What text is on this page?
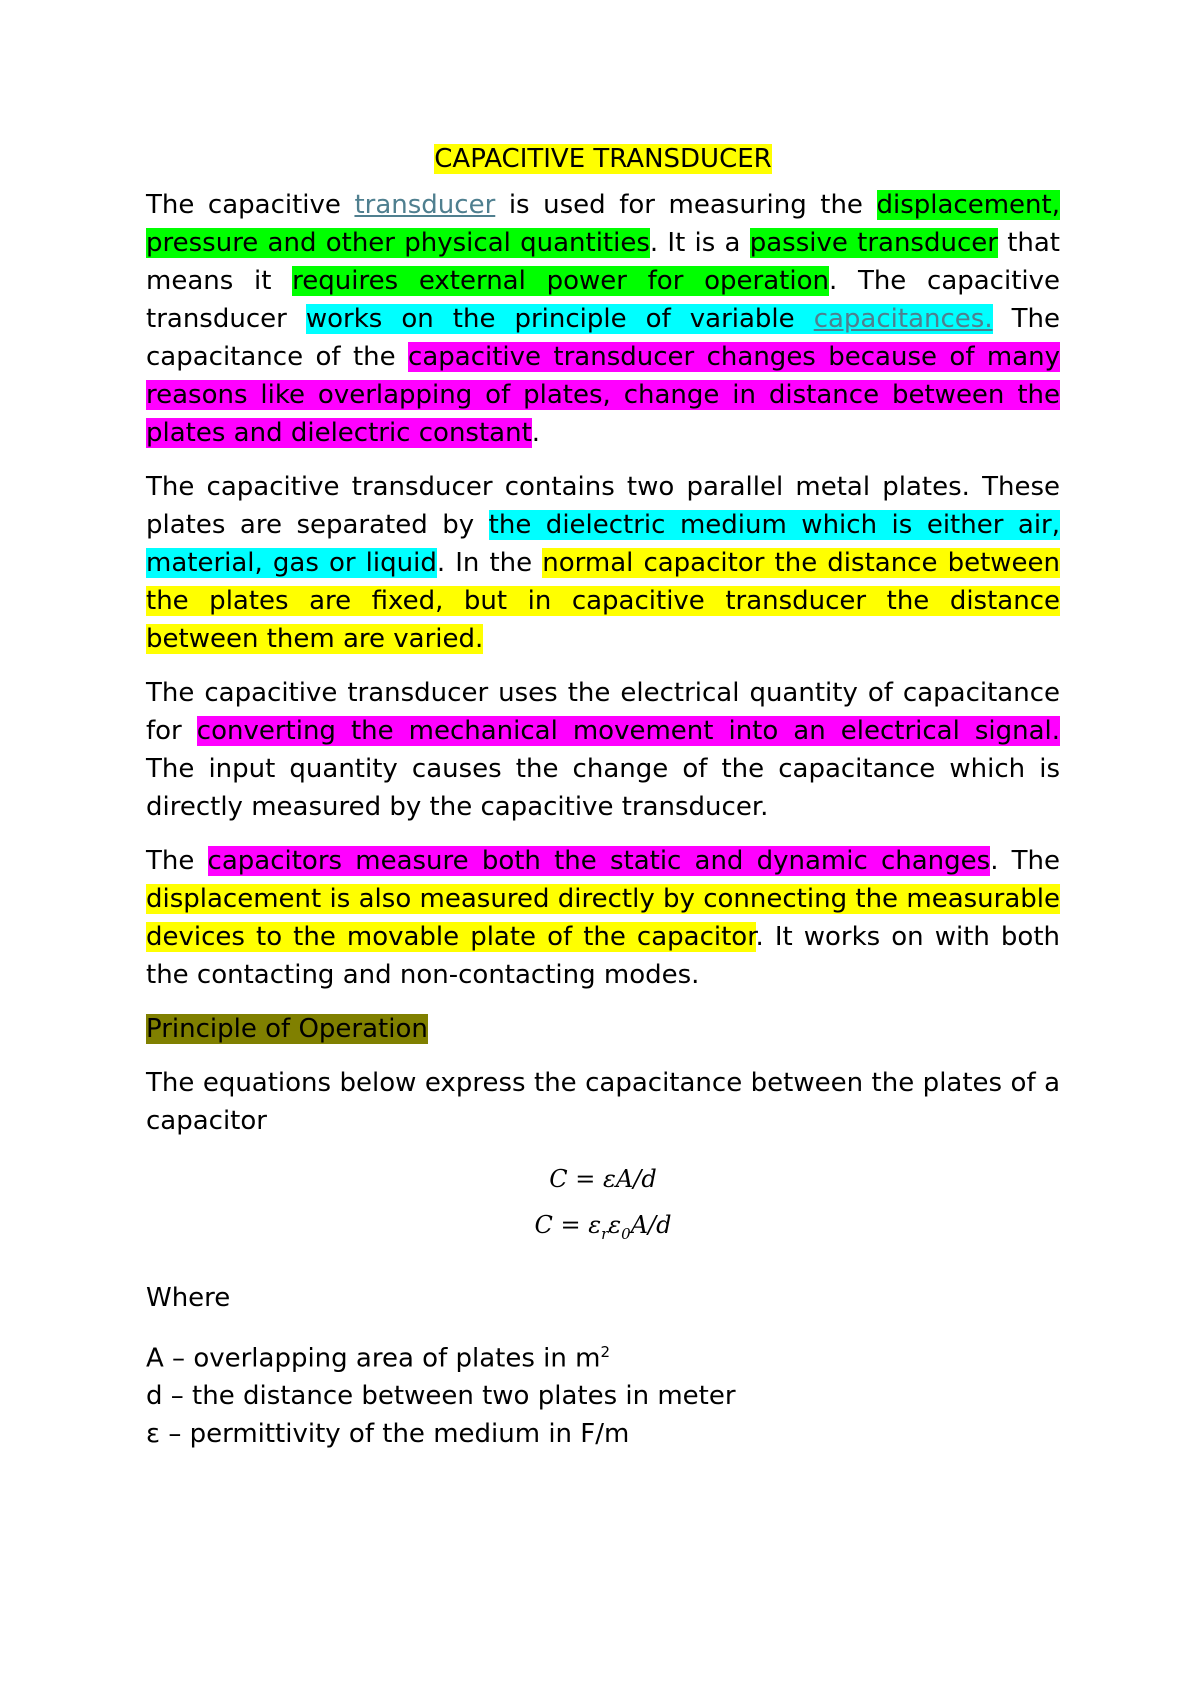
CAPACITIVE TRANSDUCER

The capacitive transducer is used for measuring the displacement, pressure and other physical quantities. It is a passive transducer that means it requires external power for operation. The capacitive transducer works on the principle of variable capacitances. The capacitance of the capacitive transducer changes because of many reasons like overlapping of plates, change in distance between the plates and dielectric constant.

The capacitive transducer contains two parallel metal plates. These plates are separated by the dielectric medium which is either air, material, gas or liquid. In the normal capacitor the distance between the plates are fixed, but in capacitive transducer the distance between them are varied.

The capacitive transducer uses the electrical quantity of capacitance for converting the mechanical movement into an electrical signal. The input quantity causes the change of the capacitance which is directly measured by the capacitive transducer.

The capacitors measure both the static and dynamic changes. The displacement is also measured directly by connecting the measurable devices to the movable plate of the capacitor. It works on with both the contacting and non-contacting modes.

Principle of Operation

The equations below express the capacitance between the plates of a capacitor

C = εA/d
$C = \varepsilon_r\varepsilon_0A/d$

Where

A – overlapping area of plates in $m^2$

d – the distance between two plates in meter

ε – permittivity of the medium in F/m
